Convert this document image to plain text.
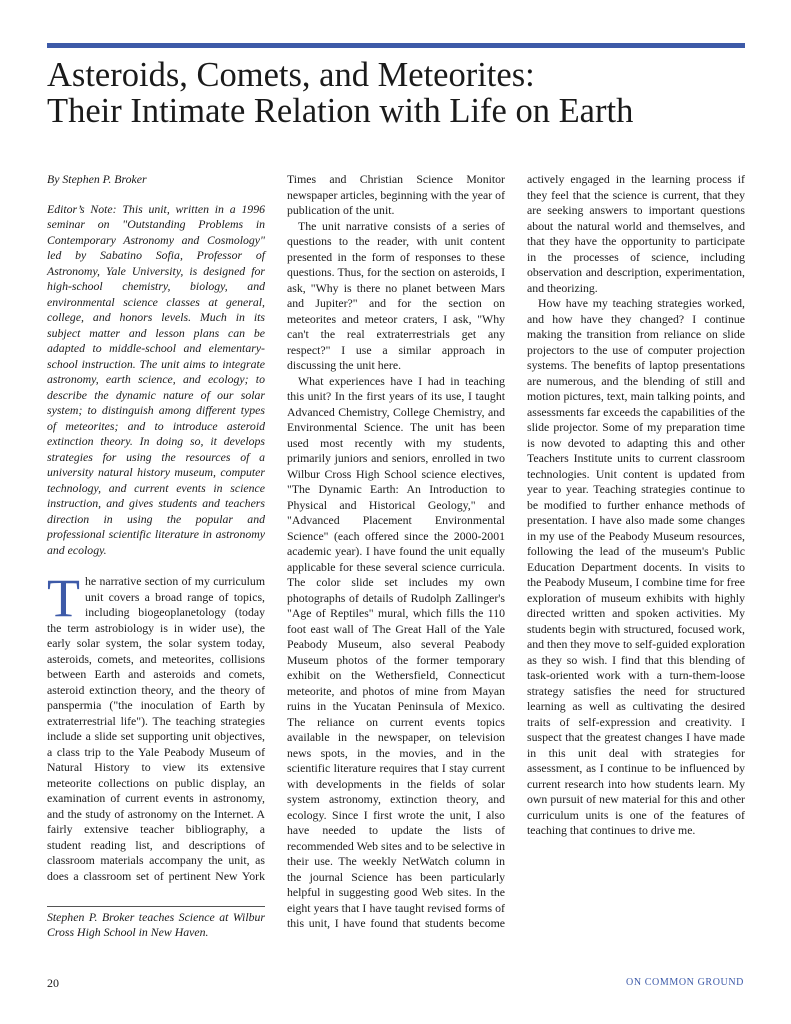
Asteroids, Comets, and Meteorites:
Their Intimate Relation with Life on Earth

By Stephen P. Broker

Editor’s Note: This unit, written in a 1996 seminar on "Outstanding Problems in Contemporary Astronomy and Cosmology" led by Sabatino Sofia, Professor of Astronomy, Yale University, is designed for high-school chemistry, biology, and environmental science classes at general, college, and honors levels. Much in its subject matter and lesson plans can be adapted to middle-school and elementary-school instruction. The unit aims to integrate astronomy, earth science, and ecology; to describe the dynamic nature of our solar system; to distinguish among different types of meteorites; and to introduce asteroid extinction theory. In doing so, it develops strategies for using the resources of a university natural history museum, computer technology, and current events in science instruction, and gives students and teachers direction in using the popular and professional scientific literature in astronomy and ecology.

The narrative section of my curriculum unit covers a broad range of topics, including biogeoplanetology (today the term astrobiology is in wider use), the early solar system, the solar system today, asteroids, comets, and meteorites, collisions between Earth and asteroids and comets, asteroid extinction theory, and the theory of panspermia ("the inoculation of Earth by extraterrestrial life"). The teaching strategies include a slide set supporting unit objectives, a class trip to the Yale Peabody Museum of Natural History to view its extensive meteorite collections on public display, an examination of current events in astronomy, and the study of astronomy on the Internet. A fairly extensive teacher bibliography, a student reading list, and descriptions of classroom materials accompany the unit, as does a classroom set of pertinent New York

Times and Christian Science Monitor newspaper articles, beginning with the year of publication of the unit.

The unit narrative consists of a series of questions to the reader, with unit content presented in the form of responses to these questions. Thus, for the section on asteroids, I ask, "Why is there no planet between Mars and Jupiter?" and for the section on meteorites and meteor craters, I ask, "Why can't the real extraterrestrials get any respect?" I use a similar approach in discussing the unit here.

What experiences have I had in teaching this unit? In the first years of its use, I taught Advanced Chemistry, College Chemistry, and Environmental Science. The unit has been used most recently with my students, primarily juniors and seniors, enrolled in two Wilbur Cross High School science electives, "The Dynamic Earth: An Introduction to Physical and Historical Geology," and "Advanced Placement Environmental Science" (each offered since the 2000-2001 academic year). I have found the unit equally applicable for these several science curricula. The color slide set includes my own photographs of details of Rudolph Zallinger's "Age of Reptiles" mural, which fills the 110 foot east wall of The Great Hall of the Yale Peabody Museum, also several Peabody Museum photos of the former temporary exhibit on the Wethersfield, Connecticut meteorite, and photos of mine from Mayan ruins in the Yucatan Peninsula of Mexico. The reliance on current events topics available in the newspaper, on television news spots, in the movies, and in the scientific literature requires that I stay current with developments in the fields of solar system astronomy, extinction theory, and ecology. Since I first wrote the unit, I also have needed to update the lists of recommended Web sites and to be selective in their use. The weekly NetWatch column in the journal Science has been particularly helpful in suggesting good Web sites. In the eight years that I have taught revised forms of this unit, I have found that students become

actively engaged in the learning process if they feel that the science is current, that they are seeking answers to important questions about the natural world and themselves, and that they have the opportunity to participate in the processes of science, including observation and description, experimentation, and theorizing.

How have my teaching strategies worked, and how have they changed? I continue making the transition from reliance on slide projectors to the use of computer projection systems. The benefits of laptop presentations are numerous, and the blending of still and motion pictures, text, main talking points, and assessments far exceeds the capabilities of the slide projector. Some of my preparation time is now devoted to adapting this and other Teachers Institute units to current classroom technologies. Unit content is updated from year to year. Teaching strategies continue to be modified to further enhance methods of presentation. I have also made some changes in my use of the Peabody Museum resources, following the lead of the museum's Public Education Department docents. In visits to the Peabody Museum, I combine time for free exploration of museum exhibits with highly directed written and spoken activities. My students begin with structured, focused work, and then they move to self-guided exploration as they so wish. I find that this blending of task-oriented work with a turn-them-loose strategy satisfies the need for structured learning as well as cultivating the desired traits of self-expression and creativity. I suspect that the greatest changes I have made in this unit deal with strategies for assessment, as I continue to be influenced by current research into how students learn. My own pursuit of new material for this and other curriculum units is one of the features of teaching that continues to drive me.

Stephen P. Broker teaches Science at Wilbur Cross High School in New Haven.

20	ON COMMON GROUND
